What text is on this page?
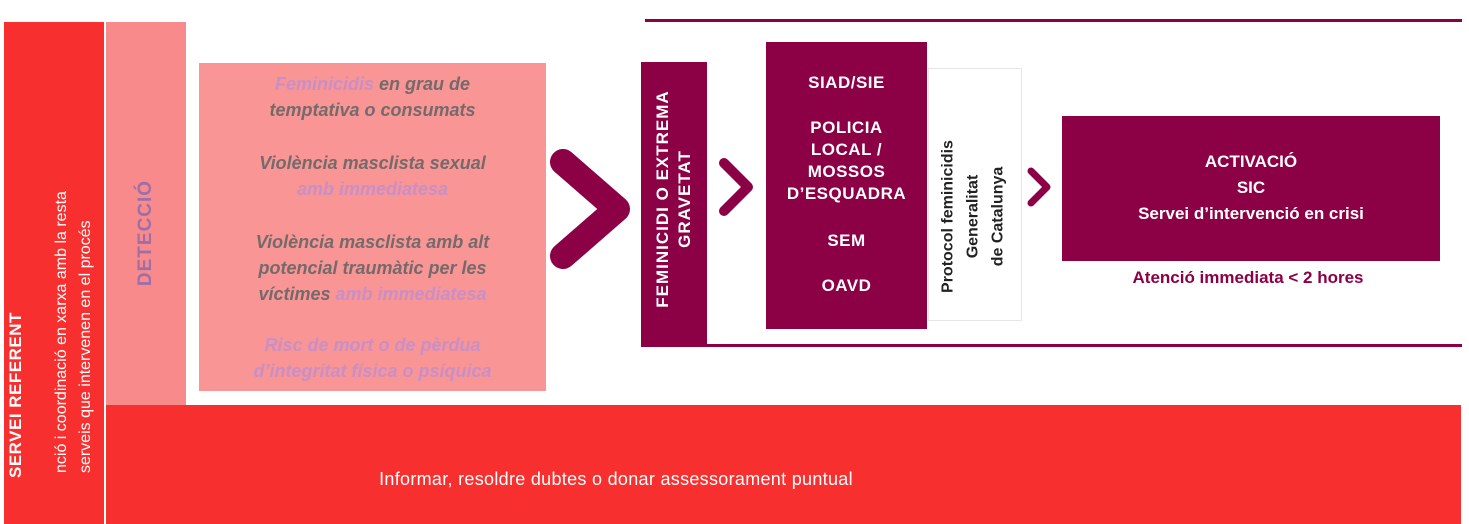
SERVEI REFERENT nció i coordinació en xarxa amb la resta serveis que intervenen en el procés DETECCIÓ
Informar, resoldre dubtes o donar assessorament puntual
Feminicidis en grau de
temptativa o consumats
Violència masclista sexual
amb immediatesa
Violència masclista amb alt
potencial traumàtic per les
víctimes amb immediatesa
Risc de mort o de pèrdua
d’integritat física o psíquica
FEMINICIDI O EXTREMA GRAVETAT
SIAD/SIE
POLICIA
LOCAL /
MOSSOS
D’ESQUADRA
SEM
OAVD	Protocol feminicidis Generalitat de Catalunya
ACTIVACIÓ
SIC
Servei d’intervenció en crisi
Atenció immediata < 2 hores
